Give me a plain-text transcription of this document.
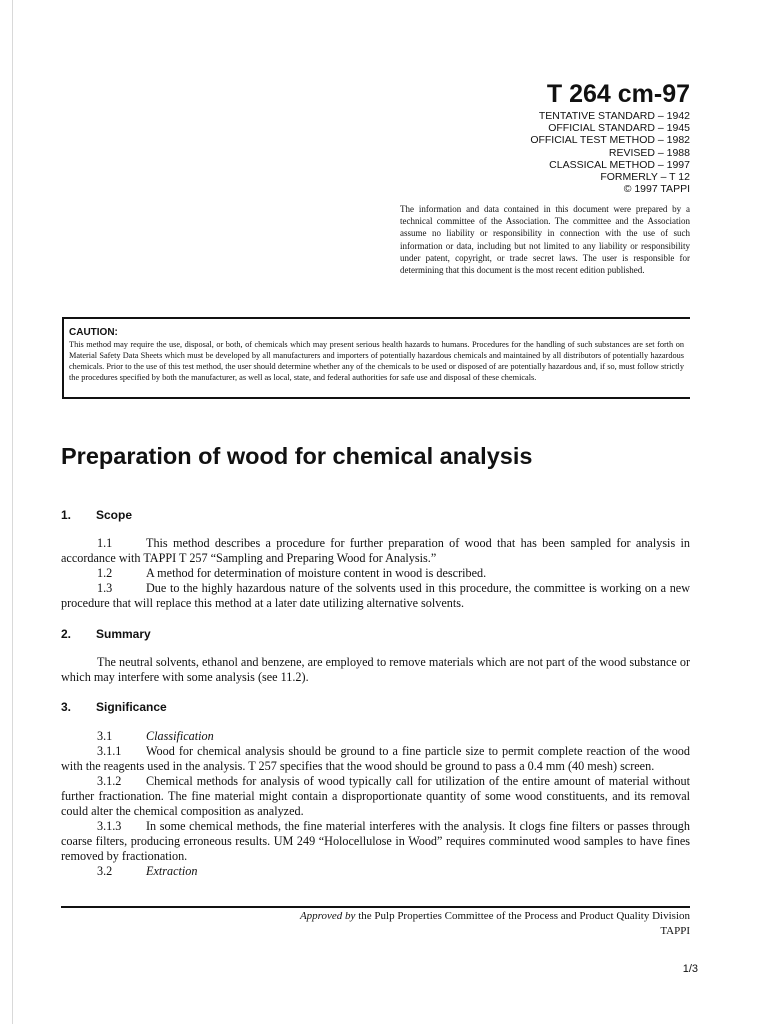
T 264 cm-97
TENTATIVE STANDARD – 1942
OFFICIAL STANDARD – 1945
OFFICIAL TEST METHOD – 1982
REVISED – 1988
CLASSICAL METHOD – 1997
FORMERLY – T 12
© 1997 TAPPI
The information and data contained in this document were prepared by a technical committee of the Association. The committee and the Association assume no liability or responsibility in connection with the use of such information or data, including but not limited to any liability or responsibility under patent, copyright, or trade secret laws. The user is responsible for determining that this document is the most recent edition published.
CAUTION:
This method may require the use, disposal, or both, of chemicals which may present serious health hazards to humans. Procedures for the handling of such substances are set forth on Material Safety Data Sheets which must be developed by all manufacturers and importers of potentially hazardous chemicals and maintained by all distributors of potentially hazardous chemicals. Prior to the use of this test method, the user should determine whether any of the chemicals to be used or disposed of are potentially hazardous and, if so, must follow strictly the procedures specified by both the manufacturer, as well as local, state, and federal authorities for safe use and disposal of these chemicals.
Preparation of wood for chemical analysis
1. Scope
1.1	This method describes a procedure for further preparation of wood that has been sampled for analysis in accordance with TAPPI T 257 “Sampling and Preparing Wood for Analysis.”
1.2	A method for determination of moisture content in wood is described.
1.3	Due to the highly hazardous nature of the solvents used in this procedure, the committee is working on a new procedure that will replace this method at a later date utilizing alternative solvents.
2. Summary
The neutral solvents, ethanol and benzene, are employed to remove materials which are not part of the wood substance or which may interfere with some analysis (see 11.2).
3. Significance
3.1	Classification
3.1.1 Wood for chemical analysis should be ground to a fine particle size to permit complete reaction of the wood with the reagents used in the analysis. T 257 specifies that the wood should be ground to pass a 0.4 mm (40 mesh) screen.
3.1.2 Chemical methods for analysis of wood typically call for utilization of the entire amount of material without further fractionation. The fine material might contain a disproportionate quantity of some wood constituents, and its removal could alter the chemical composition as analyzed.
3.1.3 In some chemical methods, the fine material interferes with the analysis. It clogs fine filters or passes through coarse filters, producing erroneous results. UM 249 “Holocellulose in Wood” requires comminuted wood samples to have fines removed by fractionation.
3.2	Extraction
Approved by the Pulp Properties Committee of the Process and Product Quality Division
TAPPI
1/3
